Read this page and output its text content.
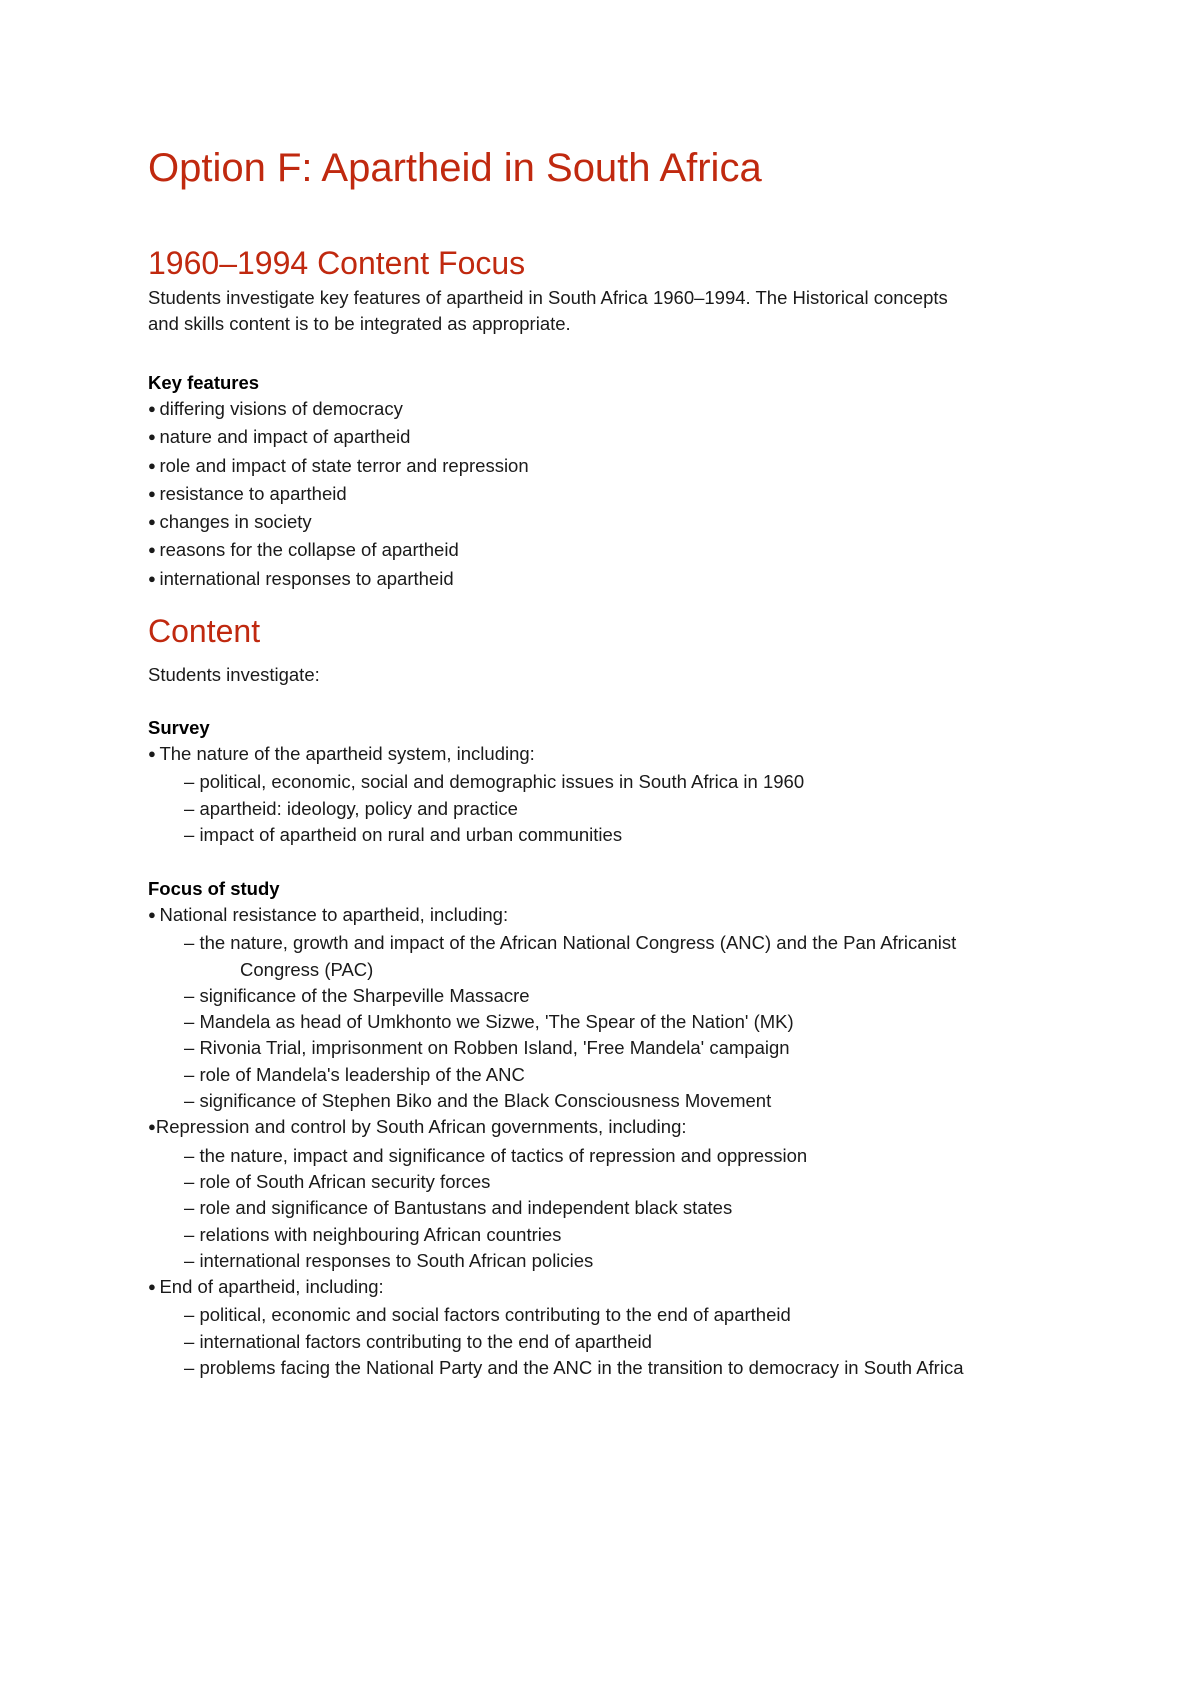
Option F: Apartheid in South Africa
1960–1994 Content Focus
Students investigate key features of apartheid in South Africa 1960–1994. The Historical concepts
and skills content is to be integrated as appropriate.
Key features
● differing visions of democracy
● nature and impact of apartheid
● role and impact of state terror and repression
● resistance to apartheid
● changes in society
● reasons for the collapse of apartheid
● international responses to apartheid
Content
Students investigate:
Survey
● The nature of the apartheid system, including:
– political, economic, social and demographic issues in South Africa in 1960
– apartheid: ideology, policy and practice
– impact of apartheid on rural and urban communities
Focus of study
● National resistance to apartheid, including:
– the nature, growth and impact of the African National Congress (ANC) and the Pan Africanist
Congress (PAC)
– significance of the Sharpeville Massacre
– Mandela as head of Umkhonto we Sizwe, 'The Spear of the Nation' (MK)
– Rivonia Trial, imprisonment on Robben Island, 'Free Mandela' campaign
– role of Mandela's leadership of the ANC
– significance of Stephen Biko and the Black Consciousness Movement
● Repression and control by South African governments, including:
– the nature, impact and significance of tactics of repression and oppression
– role of South African security forces
– role and significance of Bantustans and independent black states
– relations with neighbouring African countries
– international responses to South African policies
● End of apartheid, including:
– political, economic and social factors contributing to the end of apartheid
– international factors contributing to the end of apartheid
– problems facing the National Party and the ANC in the transition to democracy in South Africa
